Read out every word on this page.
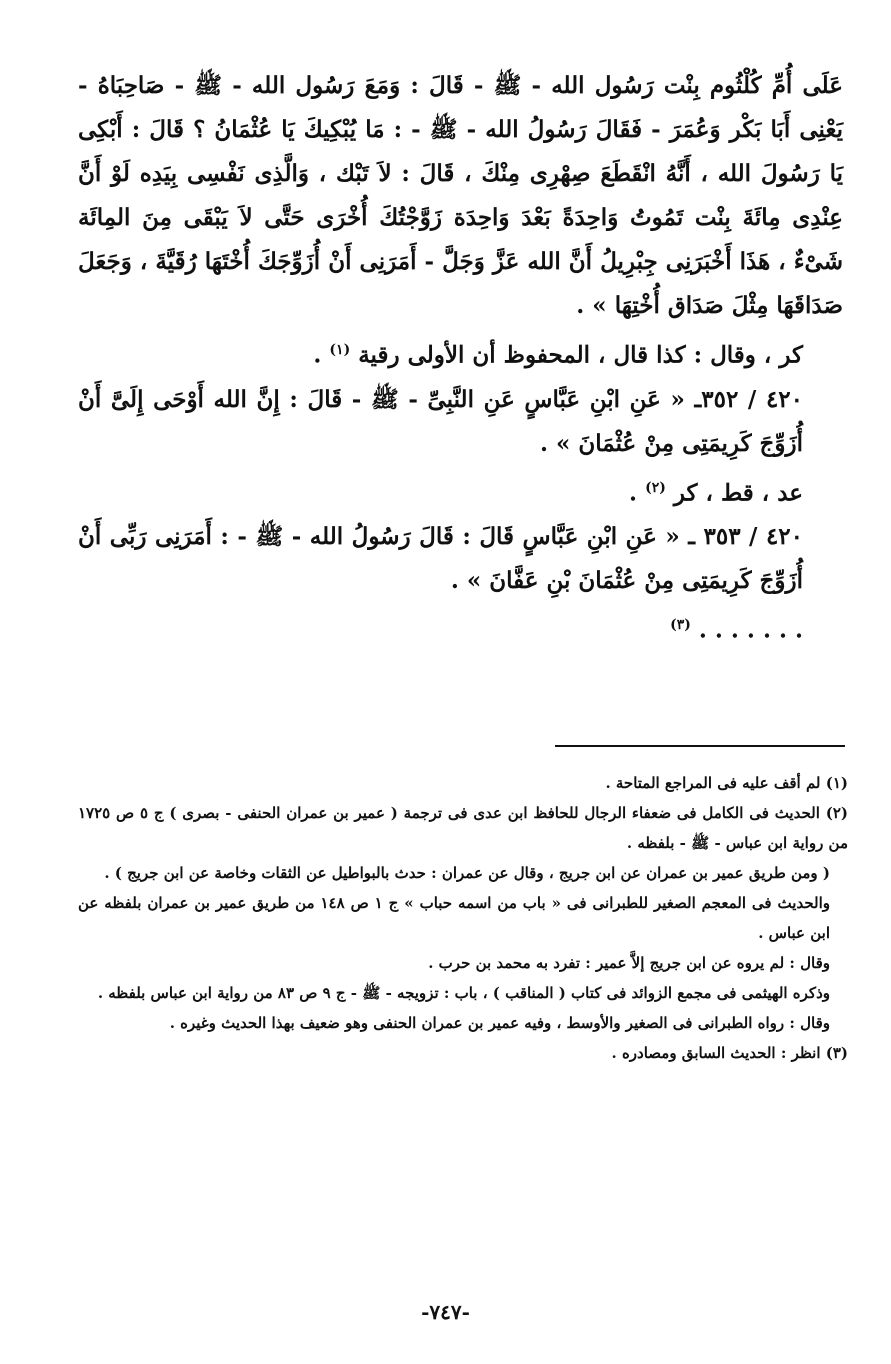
عَلَى أُمِّ كُلْثُوم بِنْت رَسُول الله - ﷺ - قَالَ : وَمَعَ رَسُول الله - ﷺ - صَاحِبَاهُ - يَعْنِى أَبَا بَكْر وَعُمَرَ - فَقَالَ رَسُولُ الله - ﷺ - : مَا يُبْكِيكَ يَا عُثْمَانُ ؟ قَالَ : أَبْكِى يَا رَسُولَ الله ، أَنَّهُ انْقَطَعَ صِهْرِى مِنْكَ ، قَالَ : لاَ تَبْك ، وَالَّذِى نَفْسِى بِيَدِه لَوْ أَنَّ عِنْدِى مِائَةَ بِنْت تَمُوتُ وَاحِدَةً بَعْدَ وَاحِدَة زَوَّجْتُكَ أُخْرَى حَتَّى لاَ يَبْقَى مِنَ المِائَة شَىْءٌ ، هَذَا أَخْبَرَنِى جِبْرِيلُ أَنَّ الله عَزَّ وَجَلَّ - أَمَرَنِى أَنْ أُزَوِّجَكَ أُخْتَهَا رُقَيَّةَ ، وَجَعَلَ صَدَاقَهَا مِثْلَ صَدَاق أُخْتِهَا » .

كر ، وقال : كذا قال ، المحفوظ أن الأولى رقية $^{(١)}$ .

٤٢٠ / ٣٥٢ـ « عَنِ ابْنِ عَبَّاسٍ عَنِ النَّبِىِّ - ﷺ - قَالَ : إِنَّ الله أَوْحَى إِلَىَّ أَنْ أُزَوِّجَ كَرِيمَتِى مِنْ عُثْمَانَ » .

عد ، قط ، كر $^{(٢)}$ .

٤٢٠ / ٣٥٣ ـ « عَنِ ابْنِ عَبَّاسٍ قَالَ : قَالَ رَسُولُ الله - ﷺ - : أَمَرَنِى رَبِّى أَنْ أُزَوِّجَ كَرِيمَتِى مِنْ عُثْمَانَ بْنِ عَفَّانَ » .

. . . . . . . $^{(٣)}$

(١) لم أقف عليه فى المراجع المتاحة .

(٢) الحديث فى الكامل فى ضعفاء الرجال للحافظ ابن عدى فى ترجمة ( عمير بن عمران الحنفى - بصرى ) ج ٥ ص ١٧٢٥ من رواية ابن عباس - ﷺ - بلفظه .

( ومن طريق عمير بن عمران عن ابن جريج ، وقال عن عمران : حدث بالبواطيل عن الثقات وخاصة عن ابن جريج ) .

والحديث فى المعجم الصغير للطبرانى فى « باب من اسمه حباب » ج ١ ص ١٤٨ من طريق عمير بن عمران بلفظه عن ابن عباس .

وقال : لم يروه عن ابن جريج إلاَّ عمير : تفرد به محمد بن حرب .

وذكره الهيثمى فى مجمع الزوائد فى كتاب ( المناقب ) ، باب : تزويجه - ﷺ - ج ٩ ص ٨٣ من رواية ابن عباس بلفظه .

وقال : رواه الطبرانى فى الصغير والأوسط ، وفيه عمير بن عمران الحنفى وهو ضعيف بهذا الحديث وغيره .

(٣) انظر : الحديث السابق ومصادره .

-٧٤٧-
